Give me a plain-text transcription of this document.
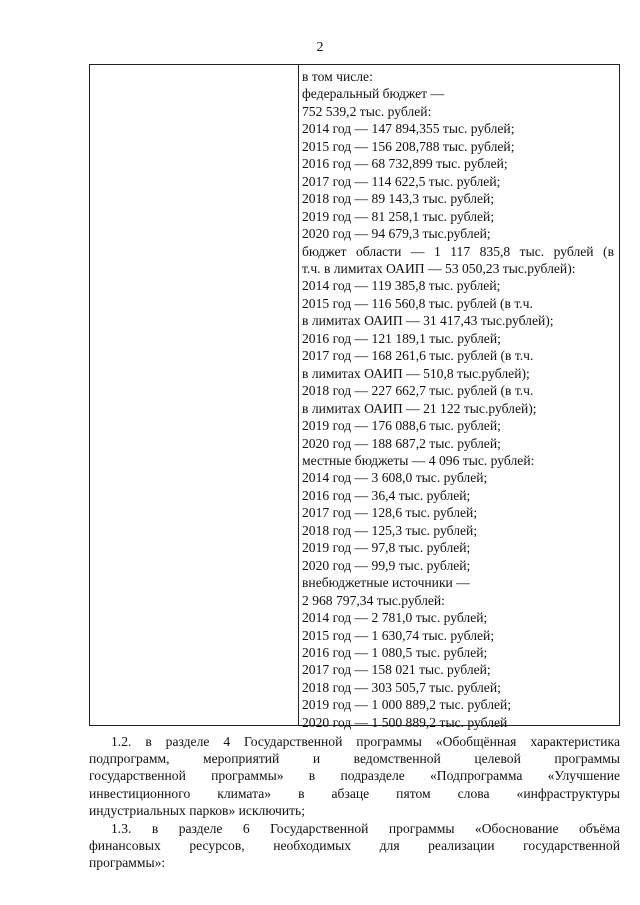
2
в том числе:
федеральный бюджет —
752 539,2 тыс. рублей:
2014 год — 147 894,355 тыс. рублей;
2015 год — 156 208,788 тыс. рублей;
2016 год — 68 732,899 тыс. рублей;
2017 год — 114 622,5 тыс. рублей;
2018 год — 89 143,3 тыс. рублей;
2019 год — 81 258,1 тыс. рублей;
2020 год — 94 679,3 тыс.рублей;
бюджет области — 1 117 835,8 тыс. рублей (в
т.ч. в лимитах ОАИП — 53 050,23 тыс.рублей):
2014 год — 119 385,8 тыс. рублей;
2015 год — 116 560,8 тыс. рублей (в т.ч.
в лимитах ОАИП — 31 417,43 тыс.рублей);
2016 год — 121 189,1 тыс. рублей;
2017 год — 168 261,6 тыс. рублей (в т.ч.
в лимитах ОАИП — 510,8 тыс.рублей);
2018 год — 227 662,7 тыс. рублей (в т.ч.
в лимитах ОАИП — 21 122 тыс.рублей);
2019 год — 176 088,6 тыс. рублей;
2020 год — 188 687,2 тыс. рублей;
местные бюджеты — 4 096 тыс. рублей:
2014 год — 3 608,0 тыс. рублей;
2016 год — 36,4 тыс. рублей;
2017 год — 128,6 тыс. рублей;
2018 год — 125,3 тыс. рублей;
2019 год — 97,8 тыс. рублей;
2020 год — 99,9 тыс. рублей;
внебюджетные источники —
2 968 797,34 тыс.рублей:
2014 год — 2 781,0 тыс. рублей;
2015 год — 1 630,74 тыс. рублей;
2016 год — 1 080,5 тыс. рублей;
2017 год — 158 021 тыс. рублей;
2018 год — 303 505,7 тыс. рублей;
2019 год — 1 000 889,2 тыс. рублей;
2020 год — 1 500 889,2 тыс. рублей
1.2. в разделе 4 Государственной программы «Обобщённая характеристика
подпрограмм, мероприятий и ведомственной целевой программы
государственной программы» в подразделе «Подпрограмма «Улучшение
инвестиционного климата» в абзаце пятом слова «инфраструктуры
индустриальных парков» исключить;
1.3. в разделе 6 Государственной программы «Обоснование объёма
финансовых ресурсов, необходимых для реализации государственной
программы»:
